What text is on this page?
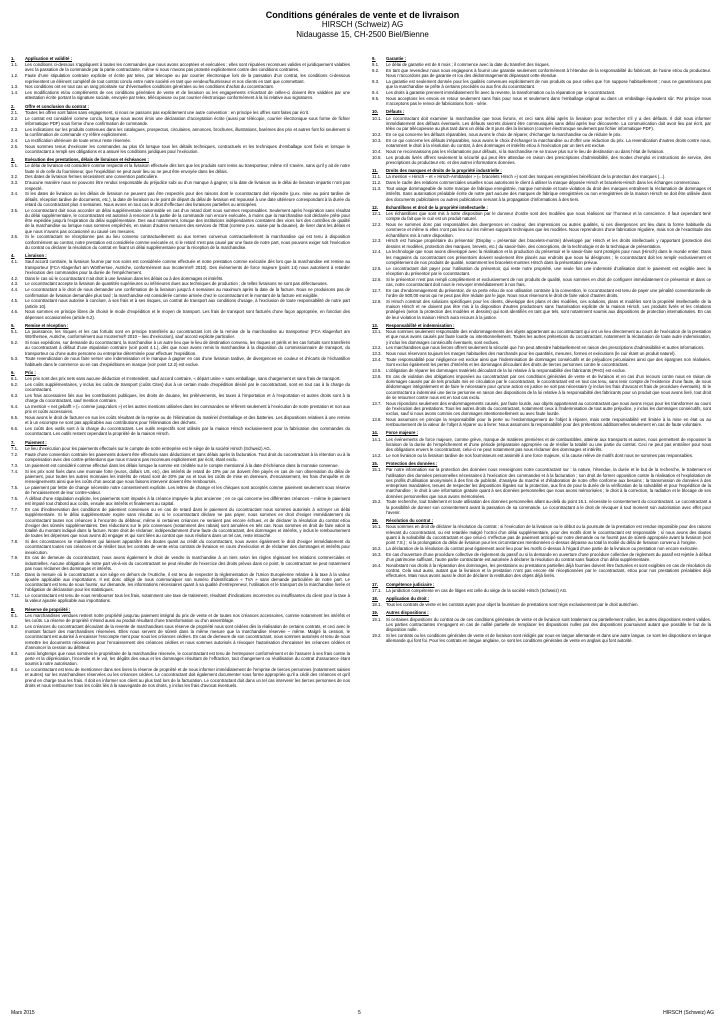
Conditions générales de vente et de livraison
HIRSCH (Schweiz) AG
Nidaugasse 15, CH-2500 Biel/Bienne
1.	Application et validité :
1.1.	Les conditions ci-dessous s’appliquent à toutes les commandes que nous avons acceptées et exécutées ; elles sont réputées reconnues valides et juridiquement valables avec la passation de la commande par la partie contractante, même si nous n’avons pas protesté explicitement contre des conditions contraires.
1.2.	Faute d’une stipulation contraire explicite et écrite par telex, par telecopie ou par courrier électronique lors de la passation d’un contrat, les conditions ci-dessous représentent un élément complétif de tout contrat conclu entre notre société en tant que vendeur/fournisseur et nos clients en tant que commettant.
1.3.	Nos conditions ont en tout cas un rang prioritaire sur d’éventuelles conditions générales ou les conditions d’achat du cocontractant.
1.4.	Les modifications et/ou compléments de ces conditions générales de vente et de livraison ou les engagements s’écartant de celles-ci doivent être validées par une attestation écrite portant la signature sociale, envoyée par telex, télécopieuse ou par courrier électronique conformément à la loi relative aux signatures.
2.	Offre et conclusion du contrat :
2.1.	Toutes les offres sont faites sans engagement, si nous ne passons pas explicitement une autre convention ; en principe les offres sont faites par écrit.
2.2.	Le contrat est considéré comme conclu, lorsque nous avons émis une déclaration d’acceptation écrite (aussi par télécopie, courrier électronique sous forme de fichier informatique PDF) sous forme d’une confirmation de commande.
2.3.	Les indications sur les produits contenues dans les catalogues, prospectus, circulaires, annonces, brochures, illustrations, barèmes des prix et autres font foi seulement si la confirmation de commande s’y réfère explicitement.
2.4.	La rectification ultérieure de toute erreur reste réservée.
2.5.	Nous sommes tenus d’exécuter les commandes au plus tôt lorsque tous les détails techniques, contractuels et les techniques d’emballage sont fixés et lorsque le cocontractant a rempli ses obligations et a assuré les conditions juridiques pour l’exécution.
3.	Exécution des prestations, délais de livraison et échéances :
3.1.	Le délai de livraison est considéré comme respecté et la livraison effectuée dès lors que les produits sont remis au transporteur, même s’il s’avère, sans qu’il y ait de notre faute ni de celle du fournisseur, que l’expédition ne peut avoir lieu ou ne peut être envoyée dans les délais.
3.2.	Des dates de livraison fermes nécessitent une convention particulière.
3.3.	D’aucune manière nous ne pouvons être rendus responsable du préjudice subi ou d’un manque à gagner, si la date de livraison ou le délai de livraison impartis n’ont pas respecté.
3.4.	Si les dates de livraison ou les délais de livraison ne peuvent pas être respectés pour des raisons dont le cocontractant doit répondre (p.ex. mise au point tardive de détails, réception tardive de documents, etc.), la date de livraison ou le point de départ du délai de livraison est repoussé à une date ultérieure correspondant à la durée du retard du cocontractant plus 4 semaines. Nous avons en tout cas le droit d’effectuer des livraisons partielles ou anticipées.
3.5.	Le cocontractant doit nous accorder un délai supplémentaire raisonnable en cas d’un retard dont nous sommes responsables. Seulement après l’expiration sans résultat du délai supplémentaire, le cocontractant est autorisé à renoncer à la partie de la commande non encore exécutée, à moins que la marchandise soit déclarée prête pour être expédiée jusqu’à l’expiration du délai supplémentaire. Des vaut notamment, lorsque des institutions indépendantes constatent des vices lors des contrôles de qualité de la marchandise ou lorsque nous sommes empêchés, en raison d’autres mesures des services de l’État (comme p.ex. saisie par la douane), de livrer dans les délais et que nous n’avons pas occasionné ou causé ces mesures.
3.6.	Si le cocontractant ne réceptionne pas au lieu convenu contractuellement ou aux termes convenus contractuellement la marchandise qui est tenu à disposition conformément au contrat, notre prestation est considérée comme exécutée et, si le retard n’est pas causé par une faute de notre part, nous pouvons exiger soit l’exécution du contrat ou déclarer la résolution du contrat en fixant un délai supplémentaire pour la réception de la marchandise.
4.	Livraison :
4.1.	Sauf accord contraire, la livraison fournie par nos soins est considérée comme effectuée et notre prestation comme exécutée dès lors que la marchandise est remise au transporteur (FCA Klagenfurt am Wörthersee, Autriche, conformément aux Incoterms® 2010). Des événements de force majeure (point 14) nous autorisent à retarder l’exécution des commandes pour la durée de l’empêchement.
4.2.	Dans le cas où le cocontractant n’ait droit à une livraison dans les délais ou à des dommages et intérêts.
4.3.	Le cocontractant accepte la livraison de quantités supérieures ou inférieures dues aux techniques de production ; de telles livraisons ne sont pas défectueuses.
4.4.	Le cocontractant a le droit de nous demander une confirmation de la livraison jusqu’à 4 semaines au maximum après la date de la facture. Nous ne produisons pas de confirmation de livraison demandée plus tard ; la marchandise est considérée comme arrivée chez le cocontractant et le montant de la facture est exigible.
4.5.	Le cocontractant nous autorise à conclure, à ses frais et à ses risques, un contrat de transport aux conditions d’usage, à l’exclusion de toute responsabilité de notre part (article 10).
4.6.	Nous sommes en principe libres de choisir le mode d’expédition et le moyen de transport. Les frais de transport sont facturés d’une façon appropriée, en fonction des dépenses occasionnées (article 6.2).
5.	Remise et réception :
5.1.	La jouissance, les risques et les cas fortuits sont en principe transférés au cocontractant lors de la remise de la marchandise au transporteur (FCA Klagenfurt am Wörthersee, Autriche, conformément aux Incoterms® 2010 – lieu d’exécution), sauf accord explicite particulier.
5.2.	Si nous expédions, sur demande du cocontractant, la marchandise à un autre lieu que le lieu de destination convenu, les risques et périls et les cas fortuits sont transférés au cocontractant à défaut d’une stipulation contraire (voir point 4.1.), dès que nous avons remis la marchandise à la disposition du commissionnaire de transport, du transporteur ou d’une autre personne ou entreprise déterminée pour effectuer l’expédition.
5.3.	Toute revendication de nous faire verser une indemnisation et le manque à gagner en cas d’une livraison tardive, de divergences en couleur et d’écarts de l’échantillon habituels dans le commerce ou en cas d’expéditions en marque (voir point 12.2) est exclue.
6.	Prix :
6.1.	Les prix sont des prix nets sans aucune déduction et s’entendent, sauf accord contraire, « départ usine » sans emballage, sans chargement et sans frais de transport.
6.2.	Les coûts supplémentaires, y inclus les coûts de transport (coûts Cites) dus à un certain mode d’expédition désiré par le cocontractant, sont en tout cas à la charge du cocontractant.
6.3.	Les frais accessoires liés aux les contributions publiques, les droits de douane, les prélèvements, les taxes à l’importation et à l’exportation et autres droits sont à la charge du cocontractant, sauf mention contraire.
6.4.	La mention « net gebafft » (= comme jusqu’alors ») et les autres mentions utilisées dans les commandes se réfèrent seulement à l’exécution de notre prestation et non aux prix et coûts accessoires.
6.5.	Nous avons le droit de facturer en sus les coûts résultant de la reprise ou de l’élimination du matériel d’emballage et des batteries. Les dispositions relatives à une remise et à un escompte ne sont pas applicables aux contributions pour l’élimination des déchets.
6.6.	Les coûts des outils sont à la charge du cocontractant. Les outils respectifs sont utilisés par la maison Hirsch exclusivement pour la fabrication des commandes du cocontractant. Les outils restent cependant la propriété de la maison Hirsch.
7.	Paiement :
7.1.	Le lieu d’exécution pour les paiements effectués sur le compte de notre entreprise est le siège de la société Hirsch (Schweiz) AG.
7.2.	Faute d’une convention contraire les paiements doivent être effectués sans déductions et sans délais après la facturation. Tout droit du cocontractant à la rétention ou à la compensation avec des contre-prétentions que nous n’avons pas reconnues explicitement par écrit, étant exclu.
7.3.	Un paiement est considéré comme effectué dans les délais lorsque la somme est créditée sur le compte mentionné à la date d’échéance dans la monnaie convenue.
7.4.	Si les prix sont fixés dans une monnaie forte (euros, dollars US, etc), des intérêts de retard de 10% par an doivent être payés en cas de non observation du délai de paiement, pour toutes les autres monnaies les intérêts de retard sont de 20% par an et tous les coûts de mise en demeure, d’encaissement, les frais d’enquête et de renseignements ainsi que les coûts d’un avocat que nous faisons intervenir doivent être remboursés.
7.5.	Le paiement par lettre de change nécessite notre consentement explicite. Les lettres de change et les chèques sont acceptés comme paiement seulement sous réserve de l’encaissement de leur contre-valeur.
7.6.	À défaut d’une stipulation explicite, les paiements sont imputés à la créance impayée la plus ancienne ; en ce qui concerne les différentes créances – même le paiement est imputé tout d’abord aux coûts, ensuite aux intérêts et finalement au capital.
7.7.	En cas d’inobservation des conditions de paiement convenues ou en cas de retard dans le paiement du cocontractant nous sommes autorisés à octroyer un délai supplémentaire. Si le délai supplémentaire expire sans résultat ou si le cocontractant déclare ne pas payer, nous sommes en droit d’exiger immédiatement du cocontractant toutes nos créances à l’encontre du débiteur, même si certaines créances ne seraient pas encore échues, et de déclarer la résolution du contrat et/ou d’exiger des sûretés supplémentaires. Des réductions sur le prix convenues (notamment des rabais) sont annulées en tels cas. Nous sommes en droit de faire valoir la totalité du montant indiqué dans la facture. Notre droit de réclamer, indépendamment d’une faute du cocontractant, des dommages et intérêts, y inclus le remboursement de toutes les dépenses que nous avons dû engager et qui sont liées au contrat que nous résilions dans un tel cas, reste intouché.
7.8.	Si des circonstances se manifestent qui laissent apparaître des doutes quant au crédit du cocontractant, nous avons également le droit d’exiger immédiatement du cocontractant toutes nos créances et de résilier tous les contrats de vente et/ou contrats de livraison en cours d’exécution et de réclamer des dommages et intérêts pour inexécution.
7.9.	En cas de demeure du cocontractant, nous avons également le droit de vendre la marchandise à un tiers selon les règles régissant les relations commerciales et industrielles. Aucune obligation de notre part vis-à-vis du cocontractant ne peut résulter de l’exercice des droits prévus dans ce point, le cocontractant ne peut notamment pas nous réclamer des dommages et intérêts.
7.10.	Dans la mesure où le cocontractant a son siège en dehors de l’Autriche, il est tenu de respecter la réglementation de l’Union Européenne relative à la taxe à la valeur ajoutée applicable aux importations. Il est donc obligé de nous communiquer son numéro d’identification « TVA » sans demande particulière de notre part. Le cocontractant est tenu de nous fournir, sur demande, les informations nécessaires quant à sa qualité d’entrepreneur, l’utilisation et le transport de la marchandise livrée et l’obligation de déclaration pour les statistiques.
7.11.	Le cocontractant est tenu de nous rembourser tous les frais, notamment une taxe de traitement, résultant d’indications incorrectes ou insuffisantes du client pour la taxe à la valeur ajoutée applicable aux importations.
8.	Réserve de propriété :
8.1.	Les marchandises vendues restent notre propriété jusqu’au paiement intégral du prix de vente et de toutes nos créances accessoires, comme notamment les intérêts et les coûts. La réserve de propriété s’étend aussi au produit résultant d’une transformation ou d’un assemblage.
8.2.	Les créances du cocontractant découlant de la revente de marchandises sous réserve de propriété nous sont cédées dès la réalisation de certains contrats, et ceci avec le montant facturé des marchandises réservées. Elles nous servent de sûreté dans la même mesure que la marchandise réservée – même. Malgré la cession, le cocontractant est autorisé à encaisser l’escompte ment pour nous les créances cédées. En cas de demeure de son cocontractant, nous sommes autorisés et tenu de nous remettre les documents nécessaires pour l’encaissement des créances cédées et nous sommes autorisés à révoquer l’autorisation d’encaisser les créances cédées et d’annoncer la cession au débiteur.
8.3.	Aussi longtemps que nous sommes le propriétaire de la marchandise réservée, le cocontractant est tenu de l’entreposer conformément et de l’assurer à ses frais contre la perte et la dépréciation, l’incendie et le vol, les dégâts des eaux et les dommages résultant de l’effraction, tout changement ou réutilisation du contrat d’assurance étant soumis à notre autorisation.
8.4.	Le cocontractant est tenu de mentionner dans ses livres la réserve de propriété et de nous informer immédiatement de l’emprise de tierces personnes (notamment saisies et autres) sur les marchandises réservées ou les créances cédées. Le cocontractant doit également documenter sous forme appropriée qu’il a cédé des créances et qu’il prend en charge tous les frais. Il doit en informer son client au plus tard lors de la facturation. Le cocontractant doit dans un tel cas intervenir les tierces personnes de nos droits et nous rembourser tous les coûts liés à la sauvegarde de nos droits, y inclus les frais d’avocat éventuels.
9.	Garantie :
9.1.	Le délai de garantie est de 6 mois ; il commence avec la date du transfert des risques.
9.2.	En tant que revendeur nous nous engageons à fournir une garantie seulement conformément à l’étendue de la responsabilité du fabricant, de l’usine et/ou du producteur. Nous n’accordons pas de garantie et /ou des dédommagements dépassant cette étendue.
9.3.	La garantie est seulement donnée pour les qualités convenues explicitement de nos produits ou pour celles que l’on suppose habituellement ; nous ne garantissons pas que la marchandise se prête à certains procédés ou aux fins du cocontractant.
9.4.	Les droits à garantie prennent immédiatement fin avec la revente, la transformation ou la réparation par le cocontractant.
9.5.	Nous acceptons les envois en retour seulement sans frais pour nous et seulement dans l’emballage original ou dans un emballage équivalent sûr. Par principe nous n’acceptons pas le renvoi de fabrications hors - série.
10.	Défauts :
10.1.	Le cocontractant doit examiner la marchandise que nous livrons, et ceci sans délai après la livraison pour rechercher s’il y a des défauts. Il doit nous informer immédiatement des défauts éventuels. Les défauts secrets doivent être communiqués sans délai après leur découverte. La communication doit avoir lieu par écrit, par télex ou par télécopieuse au plus tard dans un délai de 8 jours dès la livraison (courrier électronique seulement par fichier informatique PDF).
10.2.	En ce qui concerne les défauts réparables, nous avons le choix de réparer, d’échanger la marchandise ou de réduire le prix.
10.3.	En ce qui concerne les défauts irréparables, nous avons le choix d’échanger la marchandise ou d’offrir une réduction du prix. La revendication d’autres droits contre nous, notamment le droit à la résolution du contrat, à des dommages et intérêts et/ou à l’exécution par un tiers est exclue.
10.4.	Nous ne reconnaissons pas les réclamations pour défauts, si la marchandise ne se trouve plus sur le lieu de destination ou dans l’état de livraison.
10.5.	Les produits livrés offrent seulement la sécurité qui peut être attendue en raison des prescriptions d’admissibilité, des modes d’emploi et instructions de service, des prescriptions du producteur etc. et des autres informations données.
11.	Droits des marques et droits de la propriété industrielle :
11.1.	La mention « Hirsch – et « Hirsch-Armbänder » (= bracelets Hirsch ») sont des marques enregistrées bénéficiant de la protection des marques (...).
11.2.	Dans le cadre des relations commerciales usuelles nous autorisons le client à utiliser la marque déposée Hirsch et bracelets-Hirsch dans les échanges commerciaux.
11.3.	Tout usage dommageable de notre marque de fabrique enregistrée, marque nominale et toute violation du droit des marques entraînent la réclamation de dommages et intérêts. Sans autorisation préalable écrite de notre part aucune des marques de fabrique enregistrées ou non enregistrées de la maison Hirsch ne doit être utilisée dans des documents publicitaires ou autres publications servant à la propagation d’informations à des tiers.
12.	Échantillons et droit de la propriété intellectuelle :
12.1.	Les échantillons que sont mis à notre disposition par le donneur d’ordre sont des modèles que nous réalisons sur l’honneur et la conscience. Il faut cependant tenir compte du fait que le cuir est un produit naturel.
12.2.	Nous ne sommes donc pas responsables des divergences en couleur, des impressions ou autres qualités, si ces divergences ont lieu dans la forme habituelle du commerce et même si elles n’ont pas lieu sur les mêmes supports techniques que les modèles. Nous reprendrons d’une fabrication régulière, mais non de l’exactitude des échantillons mis à notre disposition.
12.3.	Hirsch est l’unique propriétaire du présentoir (Display = présentoir des bracelets-montre) développé par Hirsch et les droits intellectuels y rapportant (protection des dessins et modèles, protection des marques, brevets, etc.) du savoir-faire, des conceptions, de la technologie et de la technique de présentation.
12.4.	La technologie que nous avons développé avec la réalisation et la production du présentoir et le savoir-faire sont protégés pour nous (Hirsch) dans le monde entier. Dans les magasins du cocontractant ces présentoirs doivent seulement être placés aux endroits que nous lui désignons ; le cocontractant doit les remplir exclusivement et complètement de nos produits de qualité, notamment les bracelets-montres Hirsch dans la présentation prévue.
12.5.	Le cocontractant doit payer pour l’utilisation du présentoir, qui reste notre propriété, une seule fois une indemnité d’utilisation dont le paiement est exigible avec la réception du présentoir par le cocontractant.
12.6.	Si le présentoir n’est pas rempli complètement et exclusivement de nos produits de qualité, nous sommes en droit de configurer immédiatement ce présentoir et dans ce cas, notre cocontractant doit nous le renvoyer immédiatement à nos frais.
12.7.	En cas d’endommagement du présentoir, de sa perte et/ou de son utilisation contraire à la convention, le cocontractant est tenu de payer une pénalité conventionnelle de l’ordre de 500,00 euros qui ne peut pas être réduite par le juge. Nous nous réservons le droit de faire valoir d’autres droits.
12.8.	Si Hirsch construit des solutions spécifiques pour les clients, développe des plans et des modèles, ces solutions, plans et modèles sont la propriété intellectuelle de la maison Hirsch et ne doivent pas être mis à la disposition d’autres producteurs sans l’autorisation explicite de la maison Hirsch. Les produits livrés et les créations protégées (selon la protection des modèles et dessins) qui sont identifiés en tant que tels, sont notamment soumis aux dispositions de protection internationales. En cas de leur violation la maison Hirsch aura recours à la justice.
13.	Responsabilité et indemnisation :
13.1.	Nous sommes seulement responsable des endommagements des objets appartenant au cocontractant qui ont un lieu directement au cours de l’exécution de la prestation et que nous avons causés par faute lourde ou intentionnellement. Toutes les autres prétentions du cocontractant, notamment la réclamation de toute autre indemnisation, y inclus les dommages consécutifs éventuels, sont exclues.
13.2.	Les marchandises que nous livrons offrent seulement la sécurité que l’on peut attendre habituellement en raison des prescriptions d’admissibilité et autres informations.
13.3.	Nous nous réservons toujours les marges habituelles des marchands pour les quantités, mesures, formes et exécutions (le cuir étant un produit naturel).
13.4.	Toute responsabilité pour négligence est exclue ainsi que l’indemnisation de dommages consécutifs et de préjudices pécuniaires ainsi que des épargnes non réalisées. Sont exclus également les pertes d’intérêts et les dommages découlant des droits de tierces personnes contre le cocontractant.
13.5.	L’obligation de réparer les dommages matériels découlant de la loi relative à la responsabilité des fabricants (PHG) est exclue.
13.6.	En cas de violation des obligations imposées au cocontractant par ces conditions générales de vente et de livraison et en cas d’un recours contre nous en raison de dommages causés par de tels produits mis en circulation par le cocontractant, le cocontractant est en tout cas tenu, sans tenir compte de l’existence d’une faute, de nous dédommager intégralement et de faire le nécessaire pour qu’une action en justice ne soit pas nécessaire (y inclus les frais d’avocat et frais de procédure éventuels). Si le cocontractant a indemnisé une tierce personne en raison des dispositions de la loi relative à la responsabilité des fabricants pour un produit que nous avons livré, tout droit de se retourner contre nous est en tout cas exclu.
13.7.	Nous répondons seulement des endommagements causés, par faute lourde, aux objets appartenant au cocontractant que nous avons reçus pour les transformer au cours de l’exécution des prestations. Tous les autres droits du cocontractant, notamment ceux à l’indemnisation de tout autre préjudice, y inclus les dommages consécutifs, sont exclus, sauf si nous avons commis ces dommages intentionnellement ou avec faute lourde.
13.8.	Nous assumons en principe la responsabilité pour la perte ou l’endommagement de l’objet à réparer, mais cette responsabilité est limitée à la mise en état ou au remboursement de la valeur de l’objet à réparer ou à livrer. Nous assumons la responsabilité pour des prétentions additionnelles seulement en cas de faute volontaire.
14.	Force majeure :
14.1.	Les événements de force majeure, comme grève, manque de matières premières et de combustibles, atteinte aux transports et autres, nous permettent de repousser la livraison de la durée de l’empêchement et d’une période préparatoire appropriée ou de résilier la totalité ou une partie du contrat. Ceci ne peut pas entraîner pour nous des obligations envers le cocontractant, celui-ci ne peut notamment pas nous réclamer des dommages et intérêts.
14.2.	Le non livraison ou la livraison tardive de nos fournisseurs est assimilé à une force majeure, si la cause relève de motifs dont nous ne sommes pas responsables.
15.	Protection des données :
15.1.	Par notre information sur la protection des données nous renseignons notre cocontractant sur : la nature, l’étendue, la durée et le but de la recherche, le traitement et l’utilisation des données personnelles nécessaires à l’exécution des commandes et à la facturation ; son droit de former opposition contre la réalisation et l’exploitation de ses profils d’utilisation anonymisés à des fins de publicité, d’analyse du marché et d’élaboration de notre offre conforme aux besoins ; la transmission de données à des entreprises mandatées, tenues de respecter les dispositions légales sur la protection, aux fins de pour la durée de la vérification de la solvabilité et pour l’expédition de la marchandise ; le droit à une information gratuite quant à ses données personnelles que nous avons mémorisées ; le droit à la correction, la radiation et le blocage de ses données personnelles que nous avons mémorisées.
15.2.	Toute recherche, tout traitement et toute utilisation des données personnelles allant au-delà du point 15.1. nécessite le consentement du cocontractant. Le cocontractant a la possibilité de donner son consentement avant la passation de sa commande. Le cocontractant a le droit de révoquer à tout moment son autorisation avec effet pour l’avenir.
16.	Résolution du contrat :
16.1.	Nous sommes en droit de déclarer la résolution du contrat : si l’exécution de la livraison ou le début ou la poursuite de la prestation est rendue impossible pour des raisons relevant du cocontractant, ou est retardée malgré l’octroi d’un délai supplémentaire, pour des motifs dont le cocontractant est responsable ; si nous avons des doutes quant à la solvabilité du cocontractant et que celui-ci n’effectue pas de paiement anticipé sur notre demande ou ne fournit pas de sûreté appropriée avant la livraison (voir point 7.8.) ; si la prolongation du délai de livraison pour les circonstances mentionnées ci-dessus dépasse au total la moitié du délai de livraison convenu à l’origine.
16.2.	La déclaration de la résolution du contrat peut également avoir lieu pour les motifs ci-dessus à l’égard d’une partie de la livraison ou prestation non encore exécutée.
16.3.	En cas d’ouverture d’une procédure collective de règlement du passif ou si la demande en ouverture d’une procédure collective de règlement du passif est rejetée à défaut d’un patrimoine suffisant, l’autre partie contractante est autorisée à déclarer la résolution du contrat sans fixation d’un délai supplémentaire.
16.4.	Nonobstant nos droits à la réparation des dommages, les prestations ou prestations partielles déjà fournies doivent être facturées et sont exigibles en cas de résolution du contrat. Cela vaut aussi, autant que la livraison et la prestation n’ont pas encore été réceptionnées par le cocontractant, et/ou pour nos prestations préalables déjà effectuées. Mais nous avons aussi le droit de déclarer la restitution des objets déjà livrés.
17.	Compétence judiciaire :
17.1.	La juridiction compétente en cas de litiges est celle du siège de la société Hirsch (Schweiz) AG.
18.	Application du droit :
18.1.	Tous les contrats de vente et les contrats ayant pour objet la fourniture de prestations sont régis exclusivement par le droit autrichien.
19.	Autres dispositions :
19.1.	Si certaines dispositions du contrat ou de ces conditions générales de vente et de livraison sont totalement ou partiellement nulles, les autres dispositions restent valides. Les parties contractantes s’engagent en cas de nullité partielle de remplacer les dispositions nulles par des dispositions poursuivant autant que possible le but de la disposition nulle.
19.2.	Si les contrats ou les conditions générales de vente et de livraison sont rédigés par nous en langue allemande et dans une autre langue, ce sont les dispositions en langue allemande qui font foi. Pour les contrats en langue anglaise, ce sont les conditions générales de vente en anglais qui font autorité.
Mars 2015	5	HIRSCH (Schweiz) AG
